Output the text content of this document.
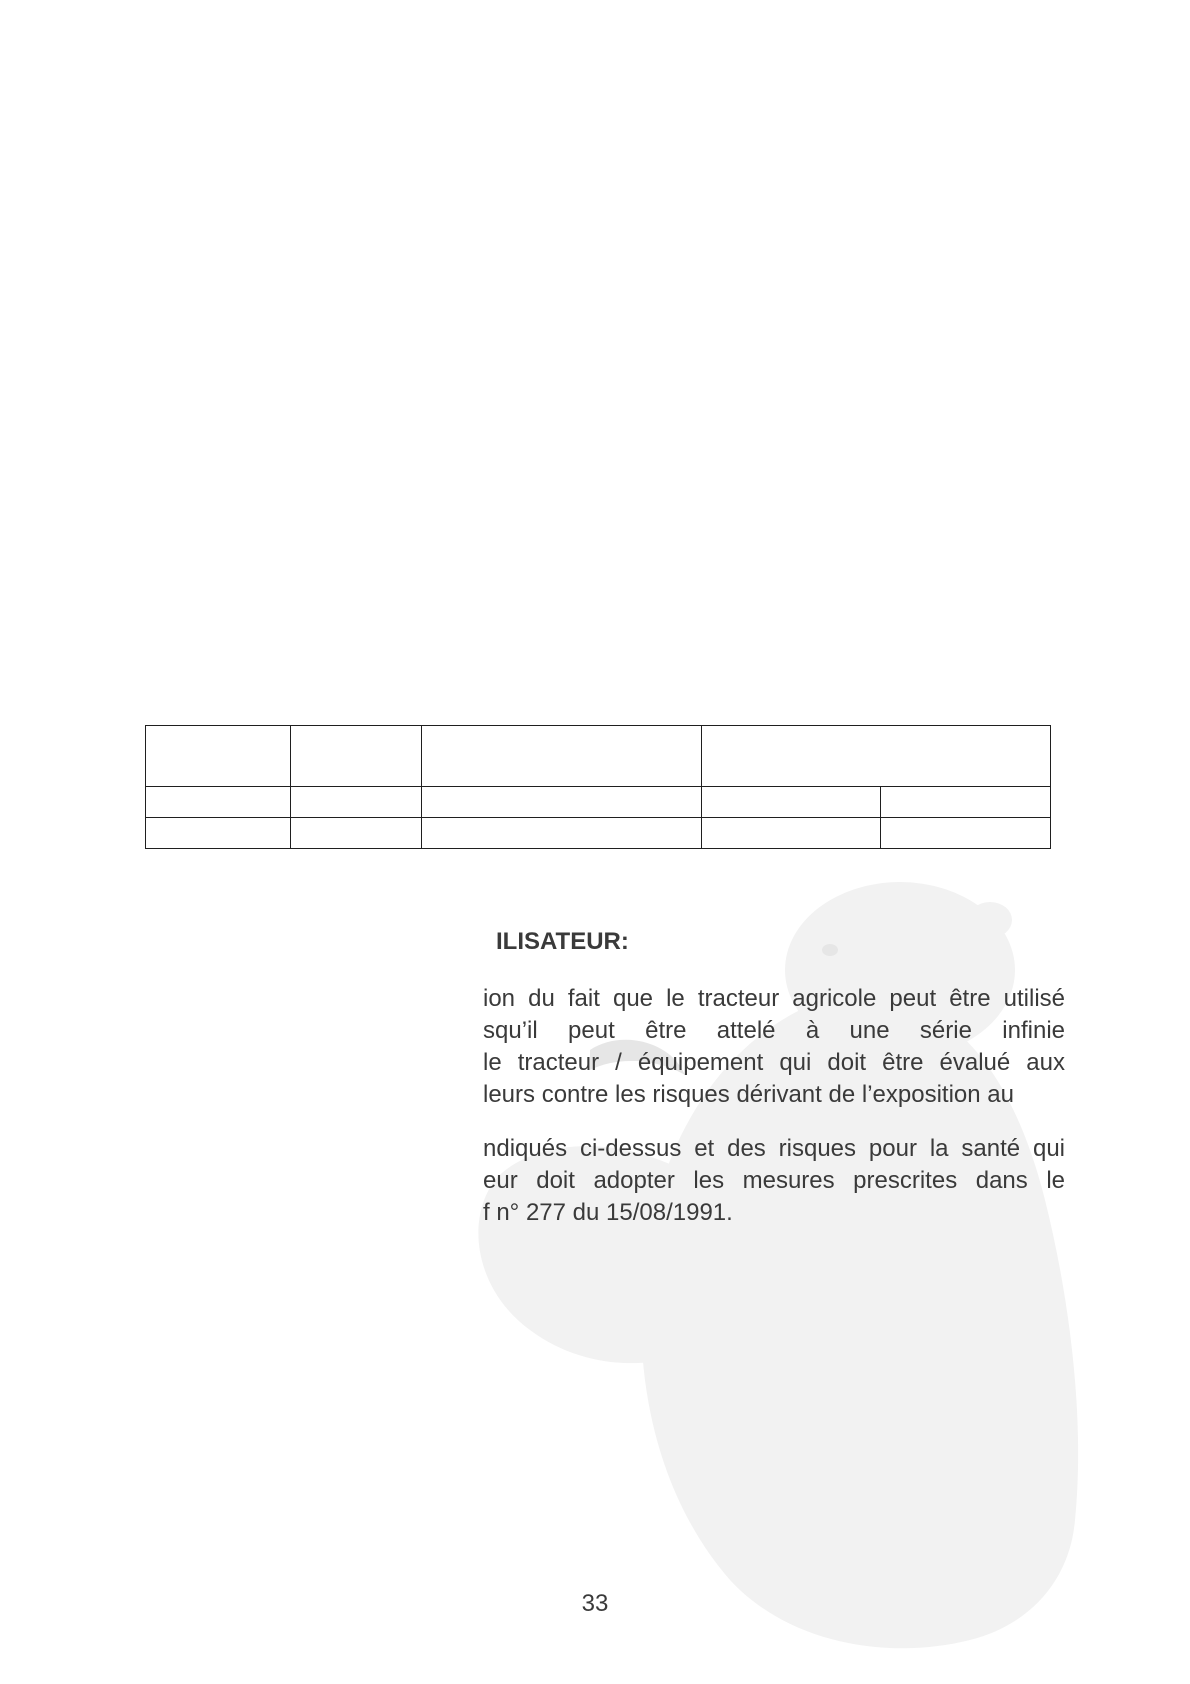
ILISATEUR:

ion du fait que le tracteur agricole peut être utilisé
squ’il peut être attelé à une série infinie
le tracteur / équipement qui doit être évalué aux
leurs contre les risques dérivant de l’exposition au

ndiqués ci-dessus et des risques pour la santé qui
eur doit adopter les mesures prescrites dans le
f n° 277 du 15/08/1991.

33
